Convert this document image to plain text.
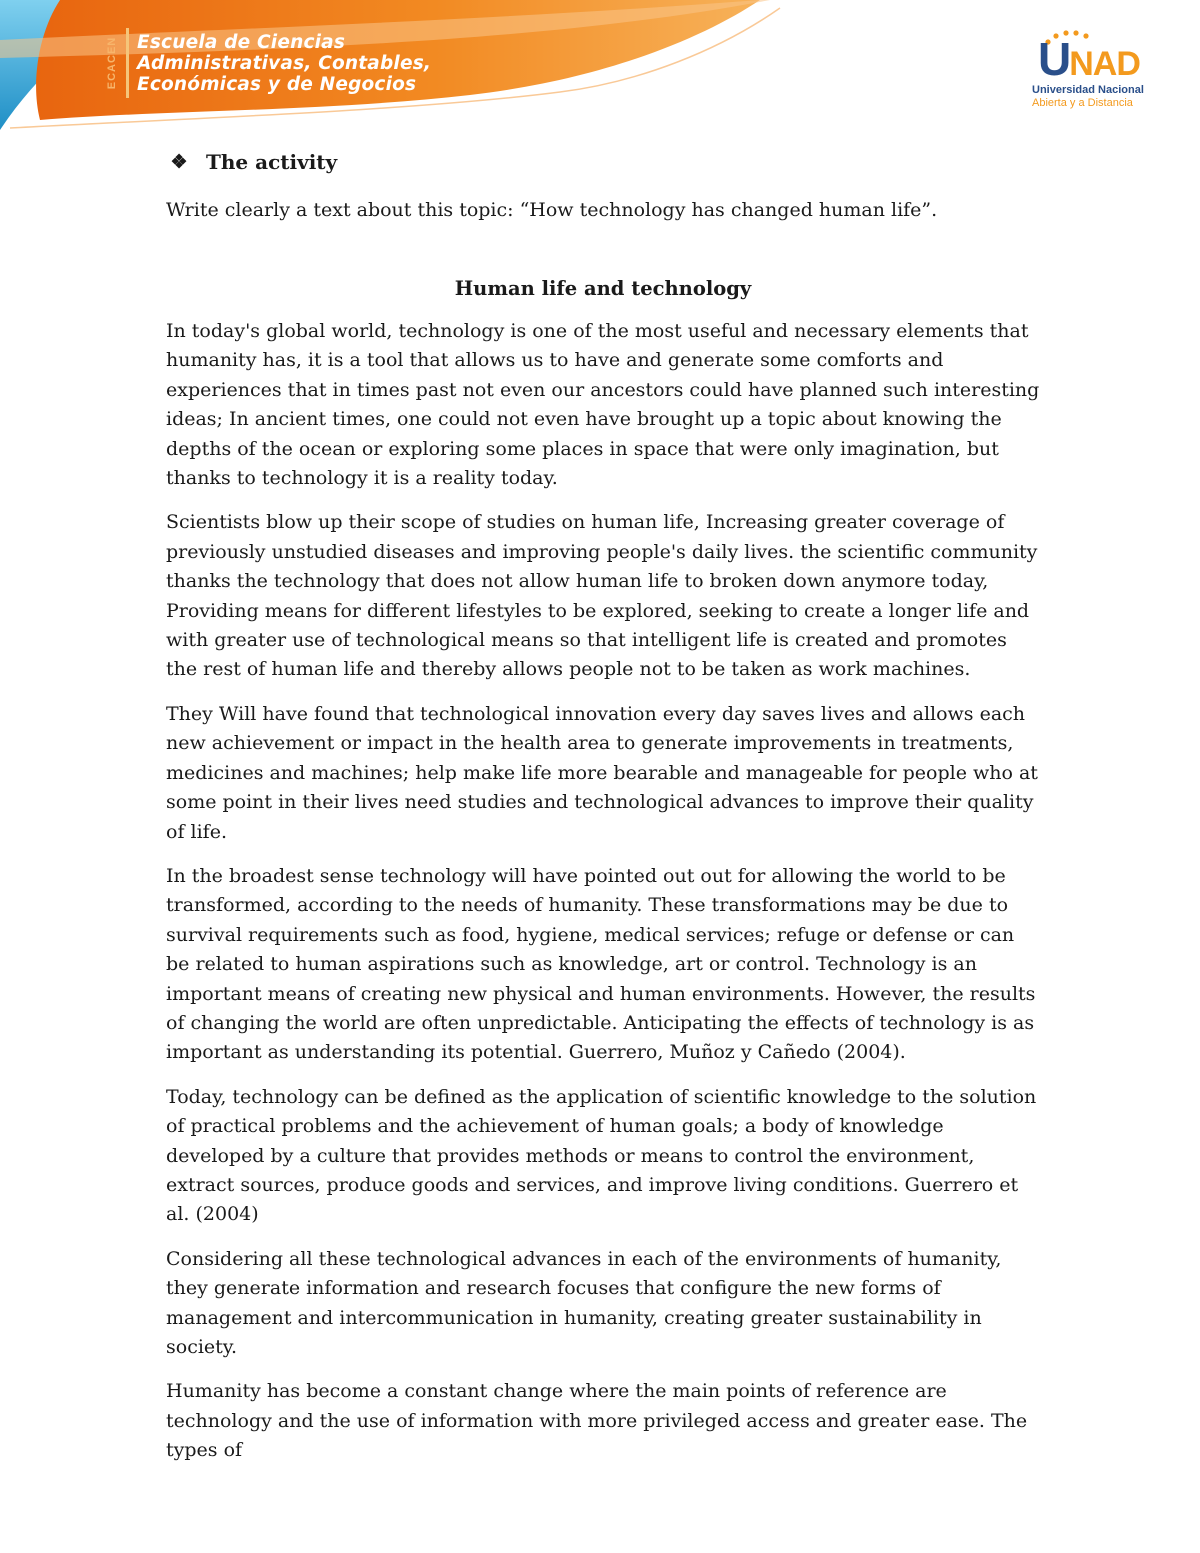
ECACEN Escuela de Ciencias
Administrativas, Contables,
Económicas y de Negocios	UNAD
Universidad Nacional
Abierta y a Distancia
❖ The activity

Write clearly a text about this topic: “How technology has changed human life”.

Human life and technology

In today's global world, technology is one of the most useful and necessary elements that humanity has, it is a tool that allows us to have and generate some comforts and experiences that in times past not even our ancestors could have planned such interesting ideas; In ancient times, one could not even have brought up a topic about knowing the depths of the ocean or exploring some places in space that were only imagination, but thanks to technology it is a reality today.

Scientists blow up their scope of studies on human life, Increasing greater coverage of previously unstudied diseases and improving people's daily lives. the scientific community thanks the technology that does not allow human life to broken down anymore today, Providing means for different lifestyles to be explored, seeking to create a longer life and with greater use of technological means so that intelligent life is created and promotes the rest of human life and thereby allows people not to be taken as work machines.

They Will have found that technological innovation every day saves lives and allows each new achievement or impact in the health area to generate improvements in treatments, medicines and machines; help make life more bearable and manageable for people who at some point in their lives need studies and technological advances to improve their quality of life.

In the broadest sense technology will have pointed out out for allowing the world to be transformed, according to the needs of humanity. These transformations may be due to survival requirements such as food, hygiene, medical services; refuge or defense or can be related to human aspirations such as knowledge, art or control. Technology is an important means of creating new physical and human environments. However, the results of changing the world are often unpredictable. Anticipating the effects of technology is as important as understanding its potential. Guerrero, Muñoz y Cañedo (2004).

Today, technology can be defined as the application of scientific knowledge to the solution of practical problems and the achievement of human goals; a body of knowledge developed by a culture that provides methods or means to control the environment, extract sources, produce goods and services, and improve living conditions. Guerrero et al. (2004)

Considering all these technological advances in each of the environments of humanity, they generate information and research focuses that configure the new forms of management and intercommunication in humanity, creating greater sustainability in society.

Humanity has become a constant change where the main points of reference are technology and the use of information with more privileged access and greater ease. The types of
